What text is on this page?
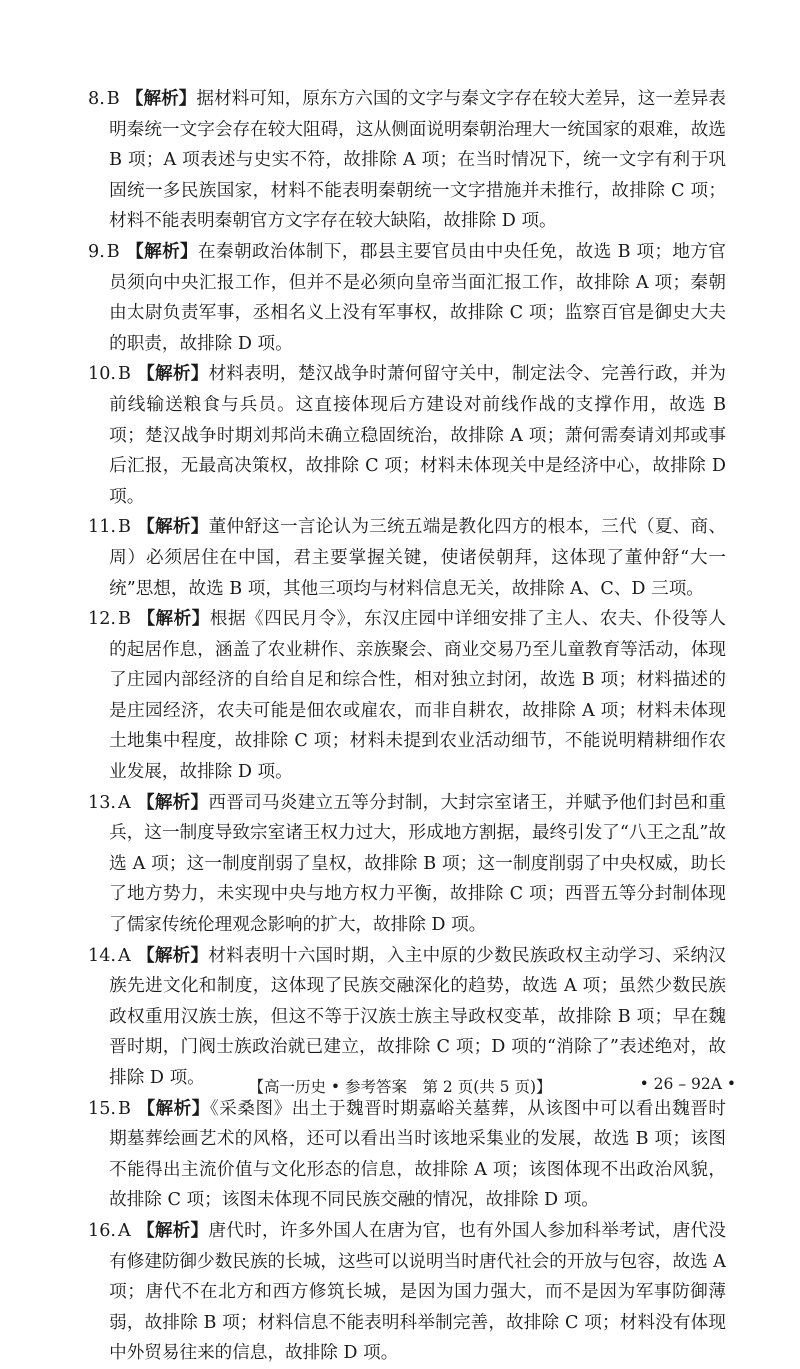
8. B 【解析】据材料可知，原东方六国的文字与秦文字存在较大差异，这一差异表明秦统一文字会存在较大阻碍，这从侧面说明秦朝治理大一统国家的艰难，故选 B 项；A 项表述与史实不符，故排除 A 项；在当时情况下，统一文字有利于巩固统一多民族国家，材料不能表明秦朝统一文字措施并未推行，故排除 C 项；材料不能表明秦朝官方文字存在较大缺陷，故排除 D 项。

9. B 【解析】在秦朝政治体制下，郡县主要官员由中央任免，故选 B 项；地方官员须向中央汇报工作，但并不是必须向皇帝当面汇报工作，故排除 A 项；秦朝由太尉负责军事，丞相名义上没有军事权，故排除 C 项；监察百官是御史大夫的职责，故排除 D 项。

10. B 【解析】材料表明，楚汉战争时萧何留守关中，制定法令、完善行政，并为前线输送粮食与兵员。这直接体现后方建设对前线作战的支撑作用，故选 B 项；楚汉战争时期刘邦尚未确立稳固统治，故排除 A 项；萧何需奏请刘邦或事后汇报，无最高决策权，故排除 C 项；材料未体现关中是经济中心，故排除 D 项。

11. B 【解析】董仲舒这一言论认为三统五端是教化四方的根本，三代（夏、商、周）必须居住在中国，君主要掌握关键，使诸侯朝拜，这体现了董仲舒“大一统”思想，故选 B 项，其他三项均与材料信息无关，故排除 A、C、D 三项。

12. B 【解析】根据《四民月令》，东汉庄园中详细安排了主人、农夫、仆役等人的起居作息，涵盖了农业耕作、亲族聚会、商业交易乃至儿童教育等活动，体现了庄园内部经济的自给自足和综合性，相对独立封闭，故选 B 项；材料描述的是庄园经济，农夫可能是佃农或雇农，而非自耕农，故排除 A 项；材料未体现土地集中程度，故排除 C 项；材料未提到农业活动细节，不能说明精耕细作农业发展，故排除 D 项。

13. A 【解析】西晋司马炎建立五等分封制，大封宗室诸王，并赋予他们封邑和重兵，这一制度导致宗室诸王权力过大，形成地方割据，最终引发了“八王之乱”故选 A 项；这一制度削弱了皇权，故排除 B 项；这一制度削弱了中央权威，助长了地方势力，未实现中央与地方权力平衡，故排除 C 项；西晋五等分封制体现了儒家传统伦理观念影响的扩大，故排除 D 项。

14. A 【解析】材料表明十六国时期，入主中原的少数民族政权主动学习、采纳汉族先进文化和制度，这体现了民族交融深化的趋势，故选 A 项；虽然少数民族政权重用汉族士族，但这不等于汉族士族主导政权变革，故排除 B 项；早在魏晋时期，门阀士族政治就已建立，故排除 C 项；D 项的“消除了”表述绝对，故排除 D 项。

15. B 【解析】《采桑图》出土于魏晋时期嘉峪关墓葬，从该图中可以看出魏晋时期墓葬绘画艺术的风格，还可以看出当时该地采集业的发展，故选 B 项；该图不能得出主流价值与文化形态的信息，故排除 A 项；该图体现不出政治风貌，故排除 C 项；该图未体现不同民族交融的情况，故排除 D 项。

16. A 【解析】唐代时，许多外国人在唐为官，也有外国人参加科举考试，唐代没有修建防御少数民族的长城，这些可以说明当时唐代社会的开放与包容，故选 A 项；唐代不在北方和西方修筑长城，是因为国力强大，而不是因为军事防御薄弱，故排除 B 项；材料信息不能表明科举制完善，故排除 C 项；材料没有体现中外贸易往来的信息，故排除 D 项。

【高一历史 • 参考答案　第 2 页(共 5 页)】	• 26 – 92A •
